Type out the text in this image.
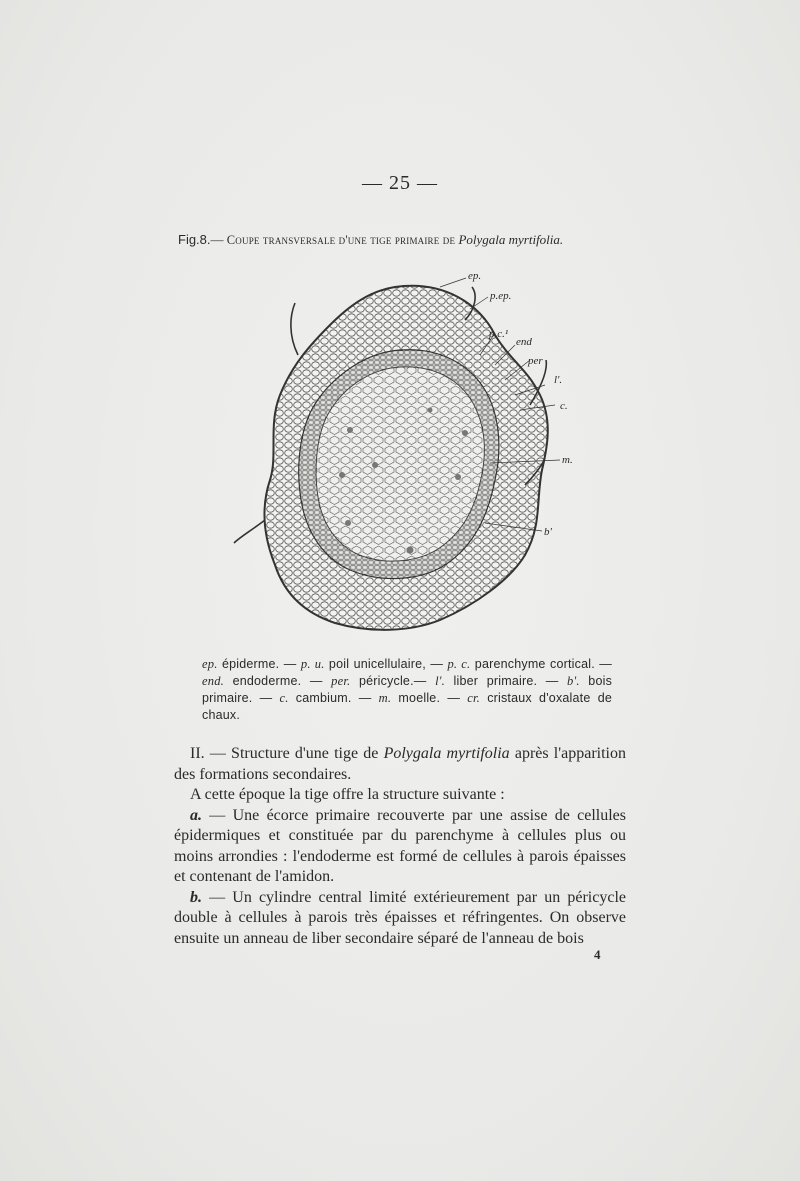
— 25 —
Fig.8.— Coupe transversale d'une tige primaire de Polygala myrtifolia.
ep.
p.ep.
p.c.¹
end
per
l'.
c.
m.
b'
ep. épiderme. — p. u. poil unicellulaire, — p. c. parenchyme cortical. — end. endoderme. — per. péricycle.— l'. liber primaire. — b'. bois primaire. — c. cambium. — m. moelle. — cr. cristaux d'oxalate de chaux.

II. — Structure d'une tige de Polygala myrtifolia après l'apparition des formations secondaires.

A cette époque la tige offre la structure suivante :

a. — Une écorce primaire recouverte par une assise de cellules épidermiques et constituée par du parenchyme à cellules plus ou moins arrondies : l'endoderme est formé de cellules à parois épaisses et contenant de l'amidon.

b. — Un cylindre central limité extérieurement par un péricycle double à cellules à parois très épaisses et réfringentes. On observe ensuite un anneau de liber secondaire séparé de l'anneau de bois

4
